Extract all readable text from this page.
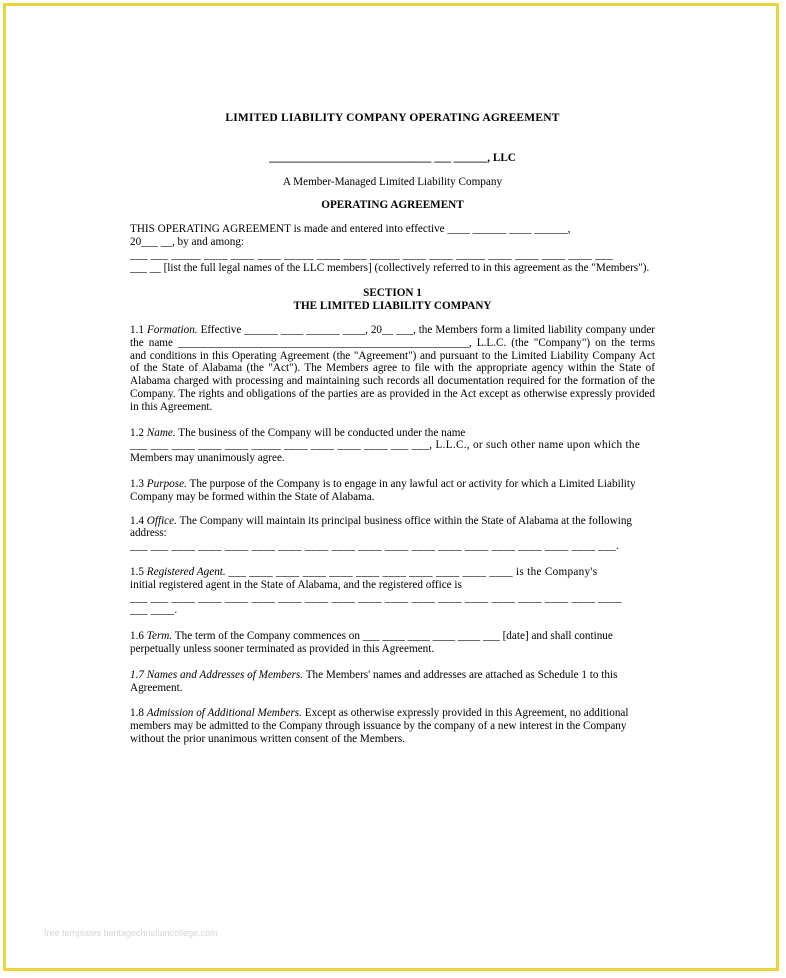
LIMITED LIABILITY COMPANY OPERATING AGREEMENT

_____________________________ ___ ______, LLC

A Member-Managed Limited Liability Company

OPERATING AGREEMENT

THIS OPERATING AGREEMENT is made and entered into effective ____ ______ ____ ______,

20___ __, by and among:

___ ___ _____ ____ ____ ____ _____ ____ ____ _____ ____ ____ _____ ____ ____ ____ ____ ___

___ __ [list the full legal names of the LLC members] (collectively referred to in this agreement as the "Members").

SECTION 1

THE LIMITED LIABILITY COMPANY

1.1 Formation. Effective ______ ____ ______ ____, 20__ ___, the Members form a limited liability company under the name ____________________________________________________, L.L.C. (the "Company") on the terms and conditions in this Operating Agreement (the "Agreement") and pursuant to the Limited Liability Company Act of the State of Alabama (the "Act"). The Members agree to file with the appropriate agency within the State of Alabama charged with processing and maintaining such records all documentation required for the formation of the Company. The rights and obligations of the parties are as provided in the Act except as otherwise expressly provided in this Agreement.

1.2 Name. The business of the Company will be conducted under the name
___ ___ ____ ____ ____ _____ ____ ____ ____ ____ ___ ___, L.L.C., or such other name upon which the
Members may unanimously agree.

1.3 Purpose. The purpose of the Company is to engage in any lawful act or activity for which a Limited Liability Company may be formed within the State of Alabama.

1.4 Office. The Company will maintain its principal business office within the State of Alabama at the following address:
___ ___ ____ ____ ____ ____ ____ ____ ____ ____ ____ ____ ____ ____ ____ ____ ____ ____ ___.

1.5 Registered Agent. ___ ____ ____ ____ ____ ____ ____ ____ ____ ____ ____ is the Company's
initial registered agent in the State of Alabama, and the registered office is
___ ___ ____ ____ ____ ____ ____ ____ ____ ____ ____ ____ ____ ____ ____ ____ ____ ____ ____
___ ____.

1.6 Term. The term of the Company commences on ___ ____ ____ ____ ____ ___ [date] and shall continue perpetually unless sooner terminated as provided in this Agreement.

1.7 Names and Addresses of Members. The Members' names and addresses are attached as Schedule 1 to this Agreement.

1.8 Admission of Additional Members. Except as otherwise expressly provided in this Agreement, no additional members may be admitted to the Company through issuance by the company of a new interest in the Company without the prior unanimous written consent of the Members.

free templates heritagechristiancollege.com
